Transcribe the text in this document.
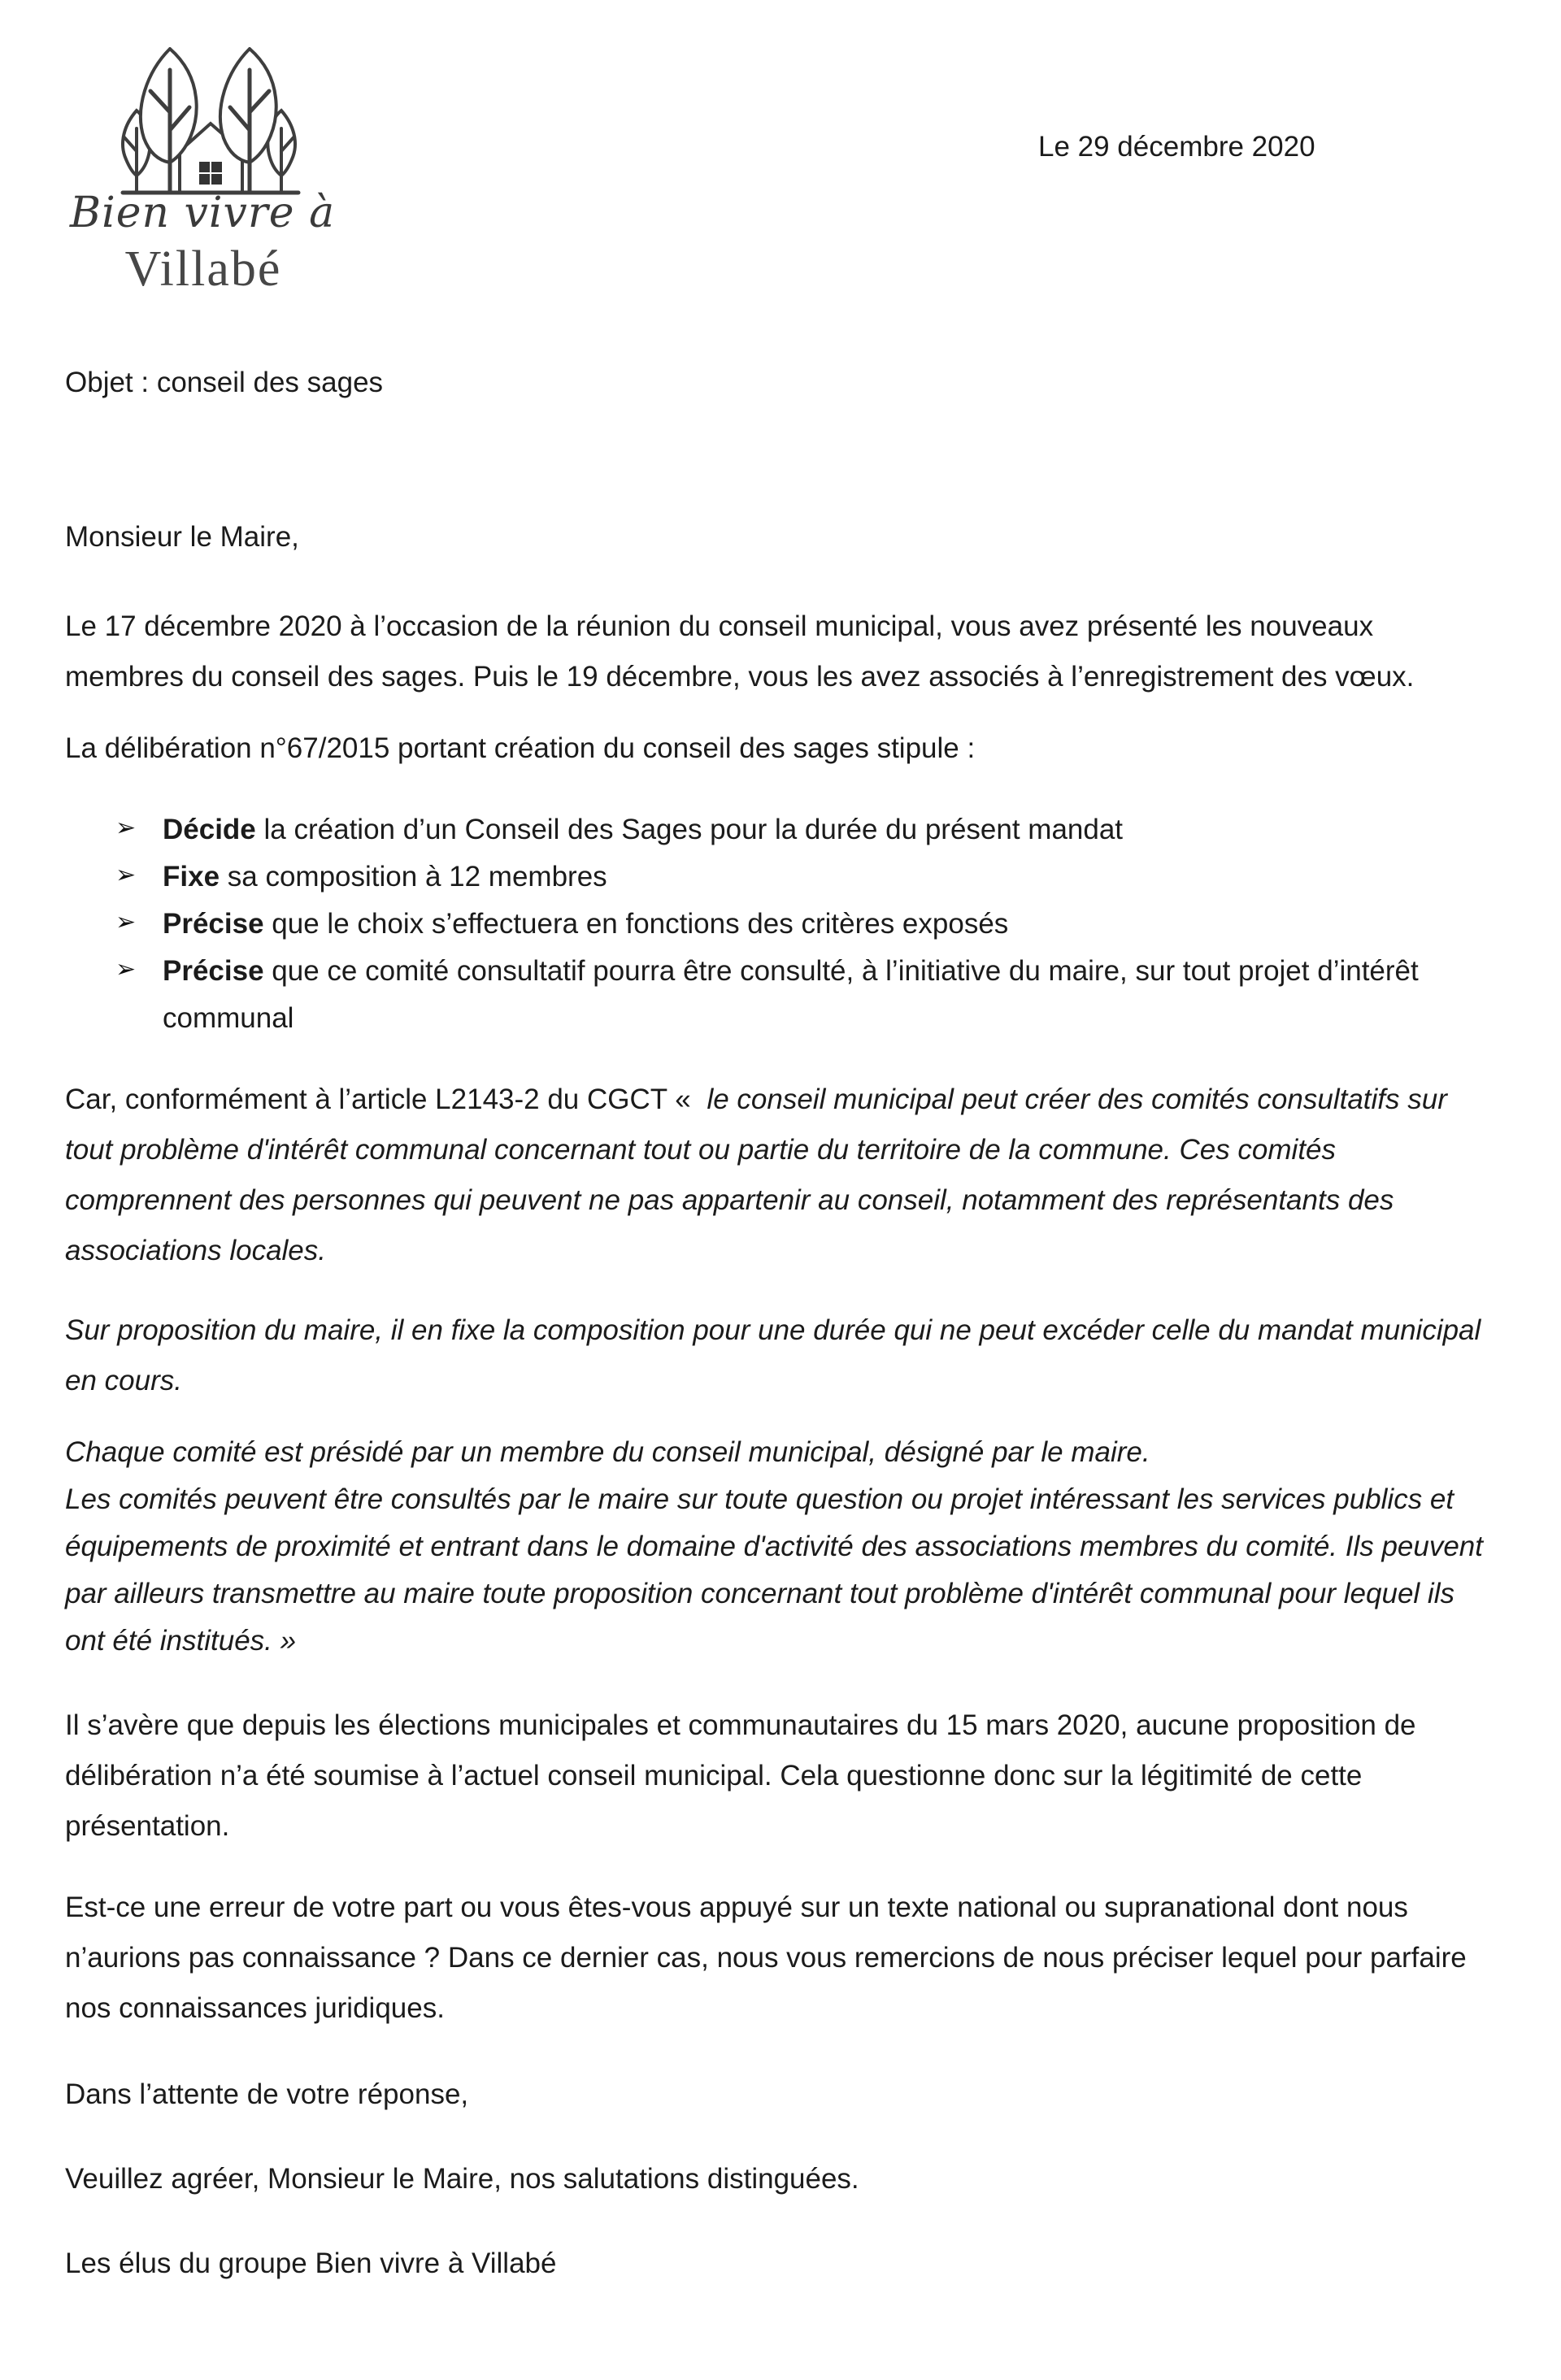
Bien vivre à
Villabé
Le 29 décembre 2020

Objet : conseil des sages

Monsieur le Maire,

Le 17 décembre 2020 à l’occasion de la réunion du conseil municipal, vous avez présenté les nouveaux membres du conseil des sages. Puis le 19 décembre, vous les avez associés à l’enregistrement des vœux.

La délibération n°67/2015 portant création du conseil des sages stipule :

➢ Décide la création d’un Conseil des Sages pour la durée du présent mandat
➢ Fixe sa composition à 12 membres
➢ Précise que le choix s’effectuera en fonctions des critères exposés
➢ Précise que ce comité consultatif pourra être consulté, à l’initiative du maire, sur tout projet d’intérêt communal

Car, conformément à l’article L2143-2 du CGCT « le conseil municipal peut créer des comités consultatifs sur tout problème d'intérêt communal concernant tout ou partie du territoire de la commune. Ces comités comprennent des personnes qui peuvent ne pas appartenir au conseil, notamment des représentants des associations locales.

Sur proposition du maire, il en fixe la composition pour une durée qui ne peut excéder celle du mandat municipal en cours.

Chaque comité est présidé par un membre du conseil municipal, désigné par le maire.

Les comités peuvent être consultés par le maire sur toute question ou projet intéressant les services publics et équipements de proximité et entrant dans le domaine d'activité des associations membres du comité. Ils peuvent par ailleurs transmettre au maire toute proposition concernant tout problème d'intérêt communal pour lequel ils ont été institués. »

Il s’avère que depuis les élections municipales et communautaires du 15 mars 2020, aucune proposition de délibération n’a été soumise à l’actuel conseil municipal. Cela questionne donc sur la légitimité de cette présentation.

Est-ce une erreur de votre part ou vous êtes-vous appuyé sur un texte national ou supranational dont nous n’aurions pas connaissance ? Dans ce dernier cas, nous vous remercions de nous préciser lequel pour parfaire nos connaissances juridiques.

Dans l’attente de votre réponse,

Veuillez agréer, Monsieur le Maire, nos salutations distinguées.

Les élus du groupe Bien vivre à Villabé
